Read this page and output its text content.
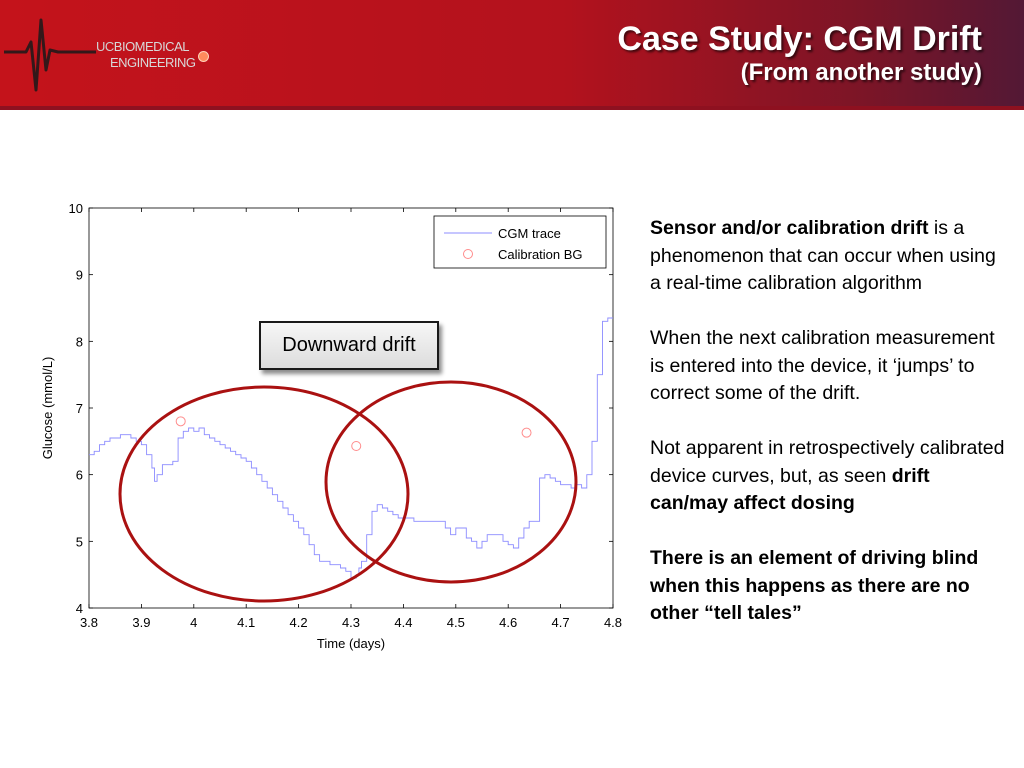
UCBIOMEDICAL
ENGINEERING
Case Study: CGM Drift
(From another study)
3.8	3.9	4	4.1	4.2	4.3	4.4	4.5	4.6	4.7	4.8
4
5
6
7
8
9
10
Time (days)
Glucose (mmol/L)
CGM trace
Calibration BG
Downward drift

Sensor and/or calibration drift is a phenomenon that can occur when using a real-time calibration algorithm

When the next calibration measurement is entered into the device, it ‘jumps’ to correct some of the drift.

Not apparent in retrospectively calibrated device curves, but, as seen drift can/may affect dosing

There is an element of driving blind when this happens as there are no other “tell tales”
